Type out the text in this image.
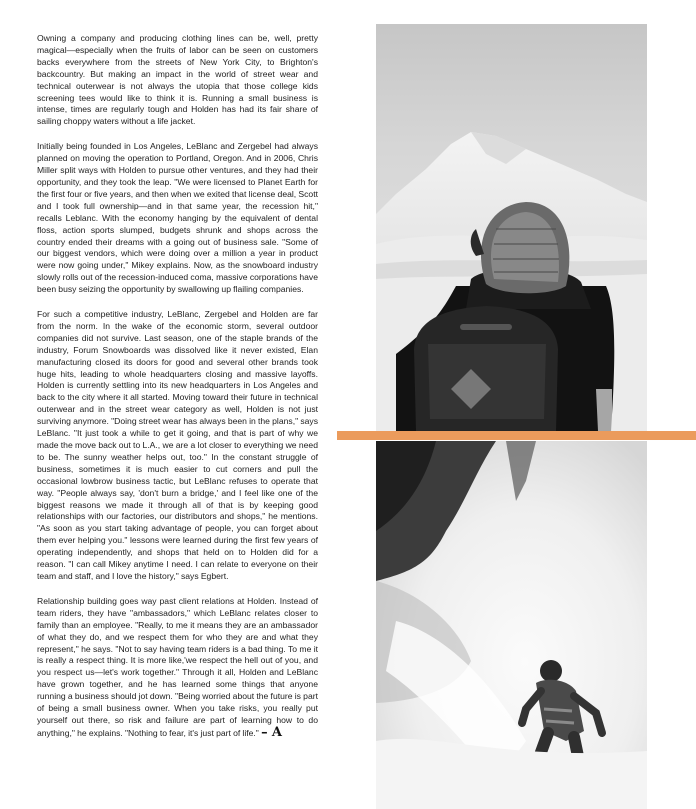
Owning a company and producing clothing lines can be, well, pretty magical—especially when the fruits of labor can be seen on customers backs everywhere from the streets of New York City, to Brighton's backcountry. But making an impact in the world of street wear and technical outerwear is not always the utopia that those college kids screening tees would like to think it is. Running a small business is intense, times are regularly tough and Holden has had its fair share of sailing choppy waters without a life jacket.

Initially being founded in Los Angeles, LeBlanc and Zergebel had always planned on moving the operation to Portland, Oregon. And in 2006, Chris Miller split ways with Holden to pursue other ventures, and they had their opportunity, and they took the leap. "We were licensed to Planet Earth for the first four or five years, and then when we exited that license deal, Scott and I took full ownership—and in that same year, the recession hit," recalls Leblanc. With the economy hanging by the equivalent of dental floss, action sports slumped, budgets shrunk and shops across the country ended their dreams with a going out of business sale. "Some of our biggest vendors, which were doing over a million a year in product were now going under," Mikey explains. Now, as the snowboard industry slowly rolls out of the recession-induced coma, massive corporations have been busy seizing the opportunity by swallowing up flailing companies.

For such a competitive industry, LeBlanc, Zergebel and Holden are far from the norm. In the wake of the economic storm, several outdoor companies did not survive. Last season, one of the staple brands of the industry, Forum Snowboards was dissolved like it never existed, Elan manufacturing closed its doors for good and several other brands took huge hits, leading to whole headquarters closing and massive layoffs. Holden is currently settling into its new headquarters in Los Angeles and back to the city where it all started. Moving toward their future in technical outerwear and in the street wear category as well, Holden is not just surviving anymore. "Doing street wear has always been in the plans," says LeBlanc. "It just took a while to get it going, and that is part of why we made the move back out to L.A., we are a lot closer to everything we need to be. The sunny weather helps out, too." In the constant struggle of business, sometimes it is much easier to cut corners and pull the occasional lowbrow business tactic, but LeBlanc refuses to operate that way. "People always say, 'don't burn a bridge,' and I feel like one of the biggest reasons we made it through all of that is by keeping good relationships with our factories, our distributors and shops," he mentions. "As soon as you start taking advantage of people, you can forget about them ever helping you." lessons were learned during the first few years of operating independently, and shops that held on to Holden did for a reason. "I can call Mikey anytime I need. I can relate to everyone on their team and staff, and I love the history," says Egbert.

Relationship building goes way past client relations at Holden. Instead of team riders, they have "ambassadors," which LeBlanc relates closer to family than an employee. "Really, to me it means they are an ambassador of what they do, and we respect them for who they are and what they represent," he says. "Not to say having team riders is a bad thing. To me it is really a respect thing. It is more like,'we respect the hell out of you, and you respect us—let's work together." Through it all, Holden and LeBlanc have grown together, and he has learned some things that anyone running a business should jot down. "Being worried about the future is part of being a small business owner. When you take risks, you really put yourself out there, so risk and failure are part of learning how to do anything," he explains. "Nothing to fear, it's just part of life." – A
